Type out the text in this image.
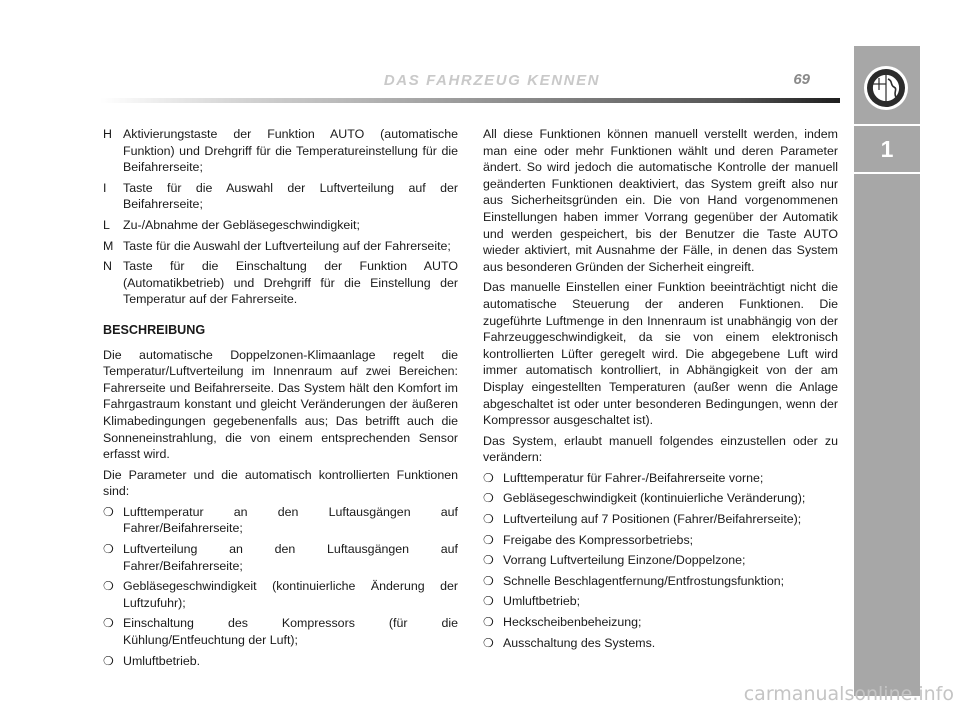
DAS FAHRZEUG KENNEN	69
1
H Aktivierungstaste der Funktion AUTO (automatische Funktion) und Drehgriff für die Temperatureinstellung für die Beifahrerseite;
I	Taste für die Auswahl der Luftverteilung auf der Beifahrerseite;
L	Zu-/Abnahme der Gebläsegeschwindigkeit;
M Taste für die Auswahl der Luftverteilung auf der Fahrerseite;
N Taste für die Einschaltung der Funktion AUTO (Automatikbetrieb) und Drehgriff für die Einstellung der Temperatur auf der Fahrerseite.
BESCHREIBUNG

Die automatische Doppelzonen-Klimaanlage regelt die Temperatur/Luftverteilung im Innenraum auf zwei Bereichen: Fahrerseite und Beifahrerseite. Das System hält den Komfort im Fahrgastraum konstant und gleicht Veränderungen der äußeren Klimabedingungen gegebenenfalls aus; Das betrifft auch die Sonneneinstrahlung, die von einem entsprechenden Sensor erfasst wird.

Die Parameter und die automatisch kontrollierten Funktionen sind:

❍ Lufttemperatur an den Luftausgängen auf Fahrer/Beifahrerseite;
❍ Luftverteilung an den Luftausgängen auf Fahrer/Beifahrerseite;
❍ Gebläsegeschwindigkeit (kontinuierliche Änderung der Luftzufuhr);
❍ Einschaltung des Kompressors (für die Kühlung/Entfeuchtung der Luft);
❍ Umluftbetrieb.

All diese Funktionen können manuell verstellt werden, indem man eine oder mehr Funktionen wählt und deren Parameter ändert. So wird jedoch die automatische Kontrolle der manuell geänderten Funktionen deaktiviert, das System greift also nur aus Sicherheitsgründen ein. Die von Hand vorgenommenen Einstellungen haben immer Vorrang gegenüber der Automatik und werden gespeichert, bis der Benutzer die Taste AUTO wieder aktiviert, mit Ausnahme der Fälle, in denen das System aus besonderen Gründen der Sicherheit eingreift.

Das manuelle Einstellen einer Funktion beeinträchtigt nicht die automatische Steuerung der anderen Funktionen. Die zugeführte Luftmenge in den Innenraum ist unabhängig von der Fahrzeuggeschwindigkeit, da sie von einem elektronisch kontrollierten Lüfter geregelt wird. Die abgegebene Luft wird immer automatisch kontrolliert, in Abhängigkeit von der am Display eingestellten Temperaturen (außer wenn die Anlage abgeschaltet ist oder unter besonderen Bedingungen, wenn der Kompressor ausgeschaltet ist).

Das System, erlaubt manuell folgendes einzustellen oder zu verändern:

❍ Lufttemperatur für Fahrer-/Beifahrerseite vorne;
❍ Gebläsegeschwindigkeit (kontinuierliche Veränderung);
❍ Luftverteilung auf 7 Positionen (Fahrer/Beifahrerseite);
❍ Freigabe des Kompressorbetriebs;
❍ Vorrang Luftverteilung Einzone/Doppelzone;
❍ Schnelle Beschlagentfernung/Entfrostungsfunktion;
❍ Umluftbetrieb;
❍ Heckscheibenbeheizung;
❍ Ausschaltung des Systems.
carmanualsonline.info
